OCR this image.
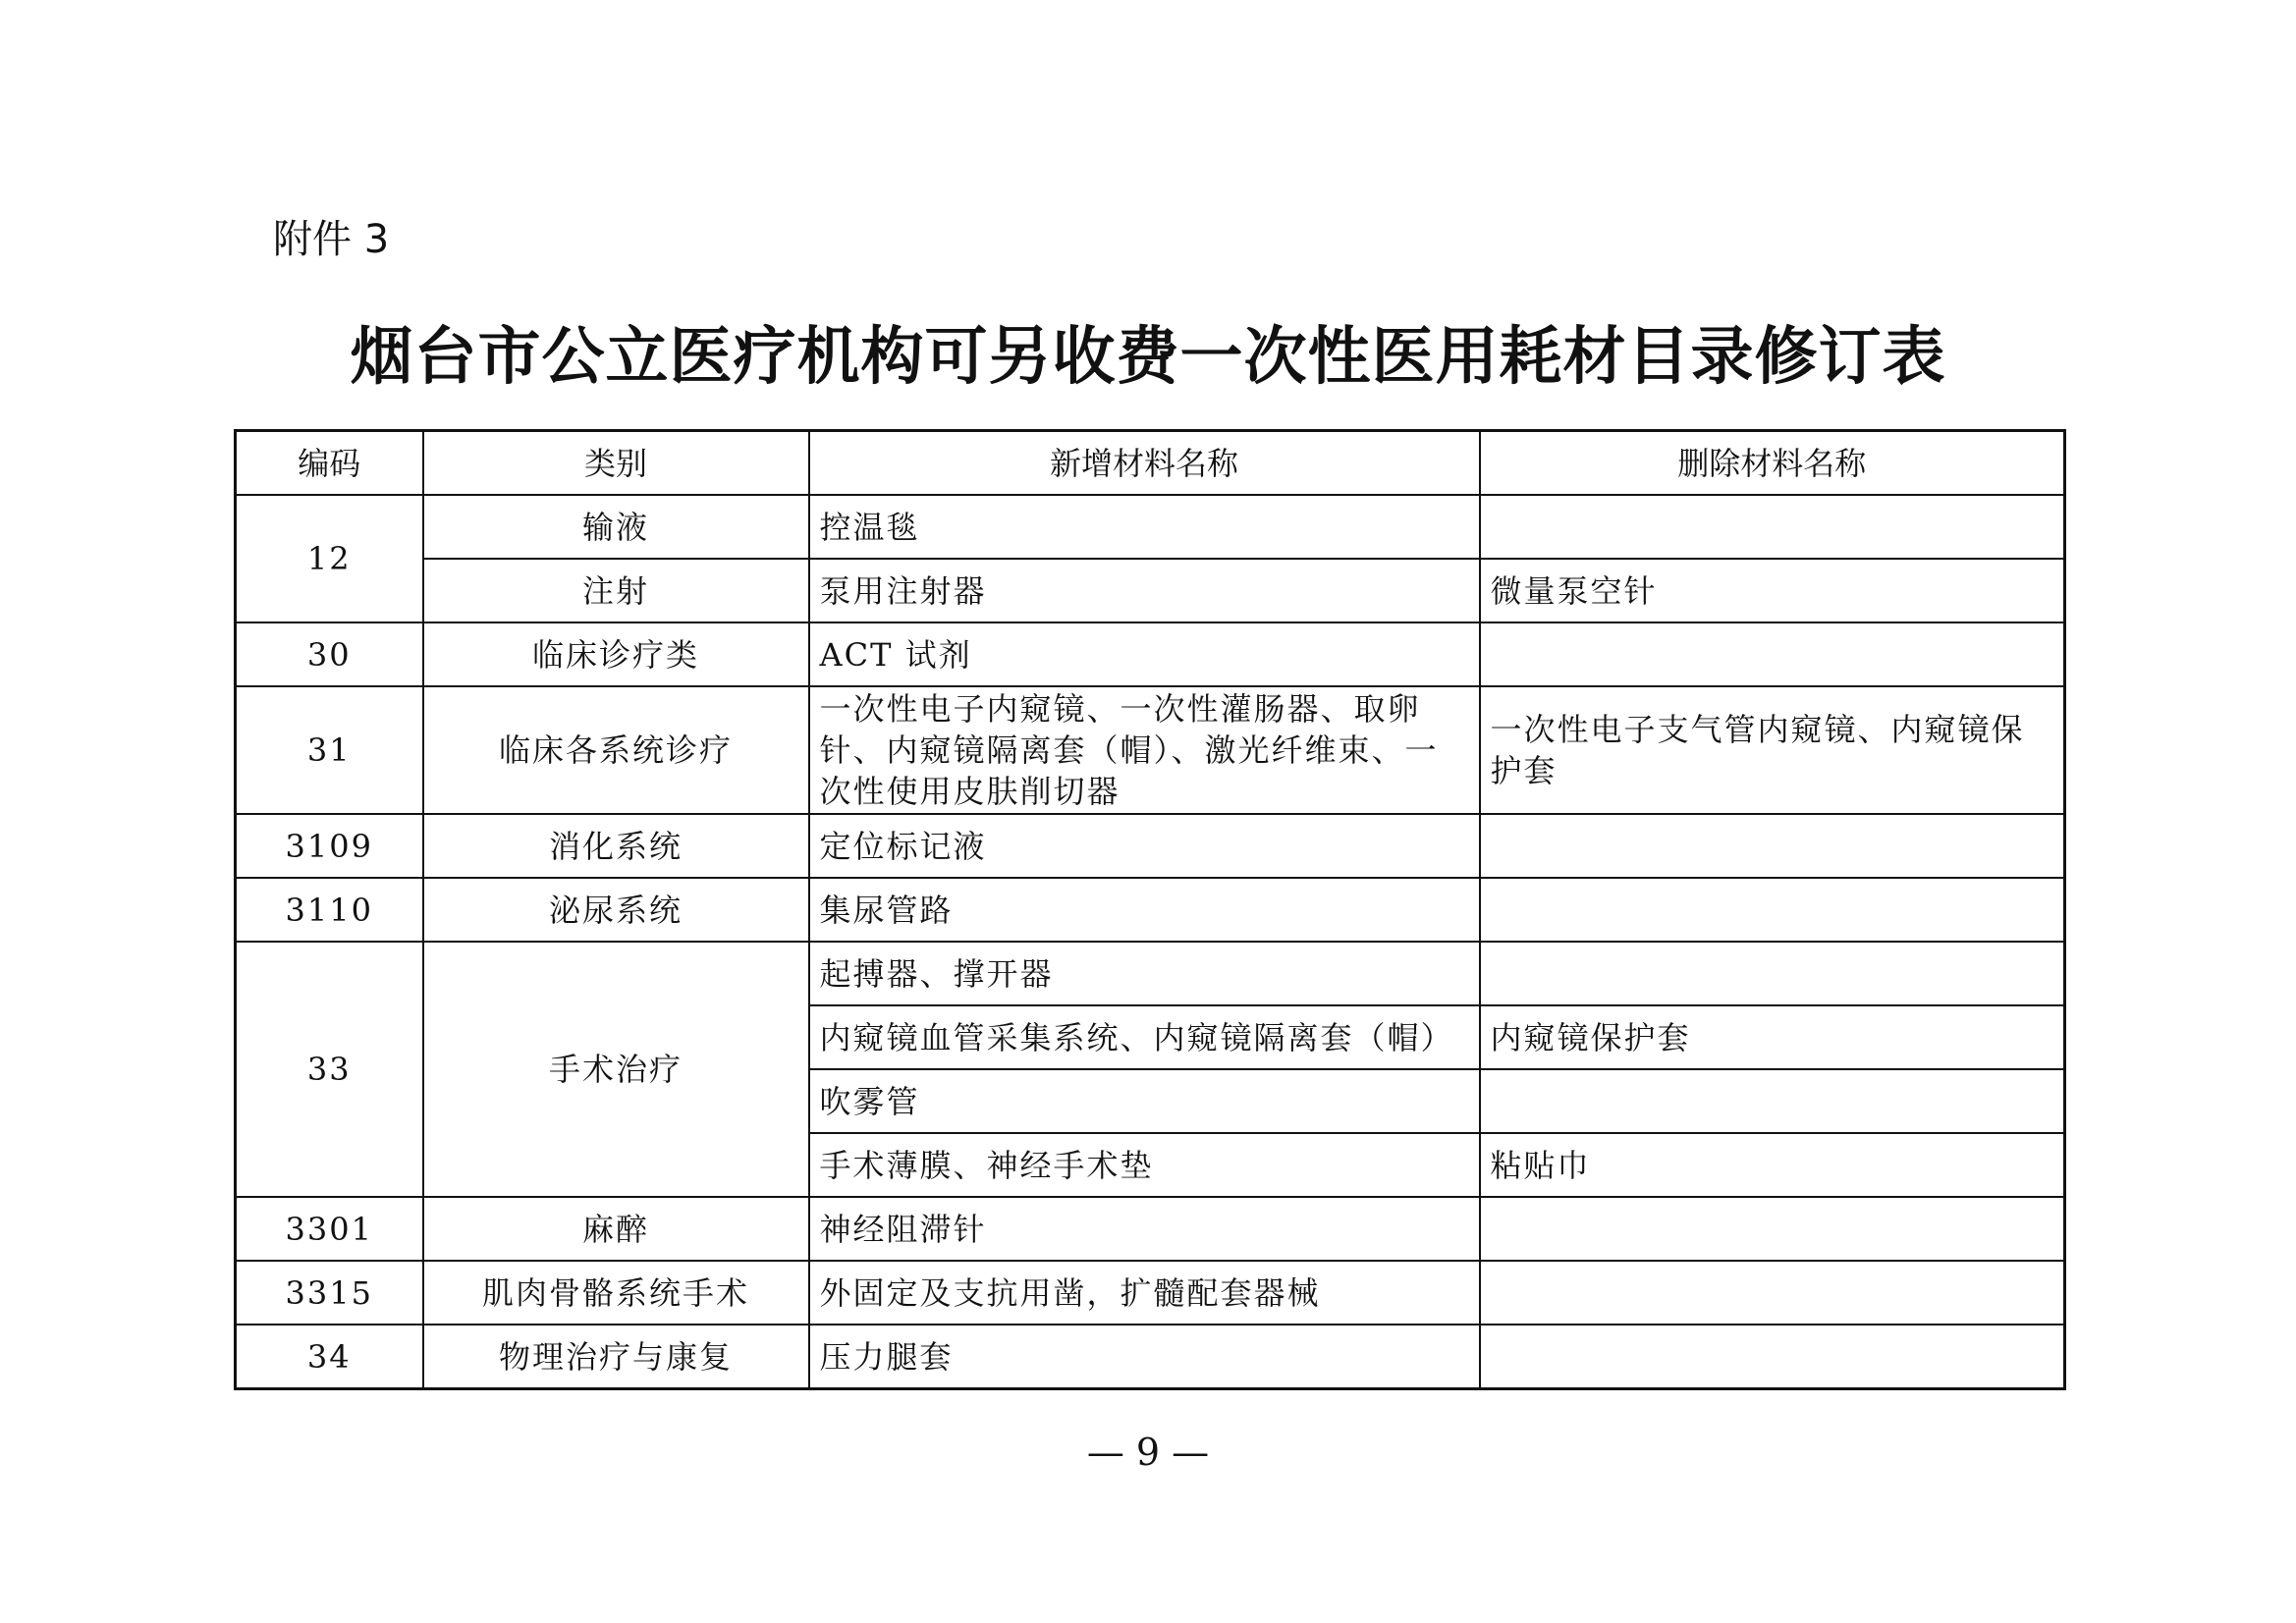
附件 3
烟台市公立医疗机构可另收费一次性医用耗材目录修订表
编码	类别	新增材料名称	删除材料名称
12	输液	控温毯	
	注射	泵用注射器	微量泵空针
30	临床诊疗类	ACT 试剂	
31	临床各系统诊疗	一次性电子内窥镜、一次性灌肠器、取卵针、内窥镜隔离套（帽）、激光纤维束、一次性使用皮肤削切器	一次性电子支气管内窥镜、内窥镜保护套
3109	消化系统	定位标记液	
3110	泌尿系统	集尿管路	
33	手术治疗	起搏器、撑开器	
		内窥镜血管采集系统、内窥镜隔离套（帽）	内窥镜保护套
		吹雾管	
		手术薄膜、神经手术垫	粘贴巾
3301	麻醉	神经阻滞针	
3315	肌肉骨骼系统手术	外固定及支抗用凿，扩髓配套器械	
34	物理治疗与康复	压力腿套	
— 9 —
